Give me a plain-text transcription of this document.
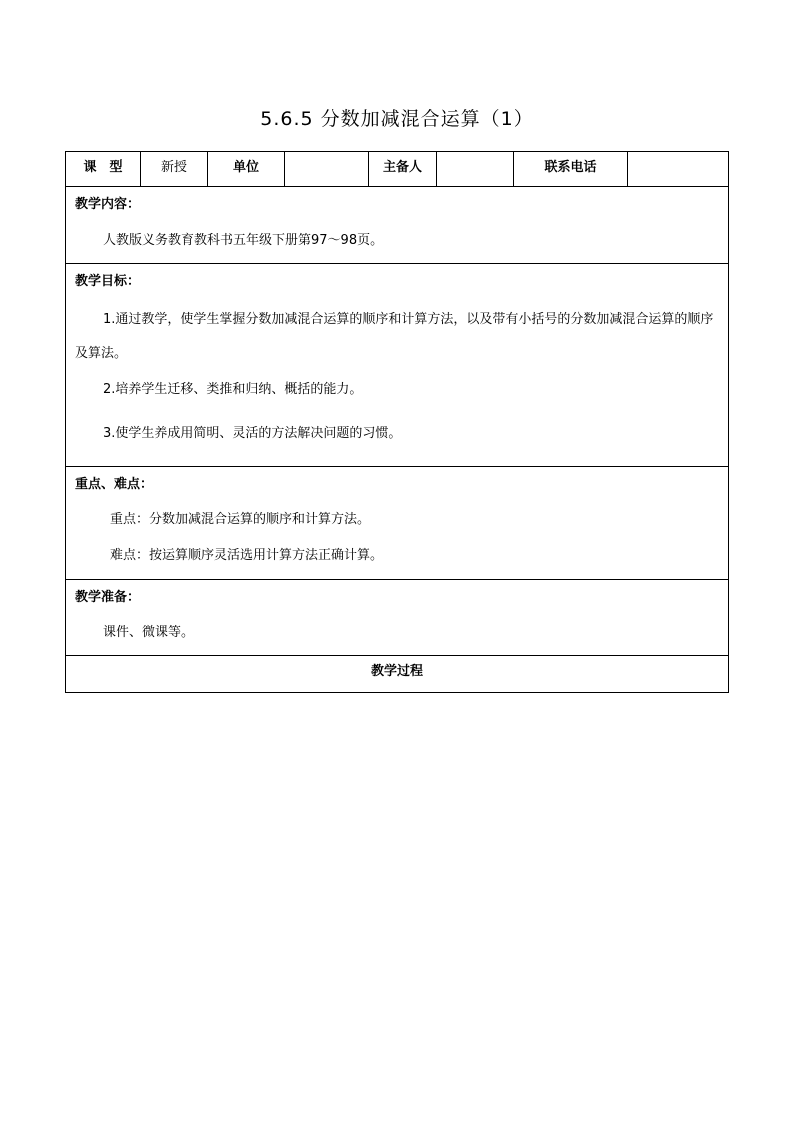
5.6.5 分数加减混合运算（1）
课　型	新授	单位		主备人		联系电话	

教学内容：
人教版义务教育教科书五年级下册第97～98页。

教学目标：
1.通过教学，使学生掌握分数加减混合运算的顺序和计算方法，以及带有小括号的分数加减混合运算的顺序及算法。
2.培养学生迁移、类推和归纳、概括的能力。
3.使学生养成用简明、灵活的方法解决问题的习惯。

重点、难点：
重点：分数加减混合运算的顺序和计算方法。
难点：按运算顺序灵活选用计算方法正确计算。

教学准备：
课件、微课等。

教学过程
